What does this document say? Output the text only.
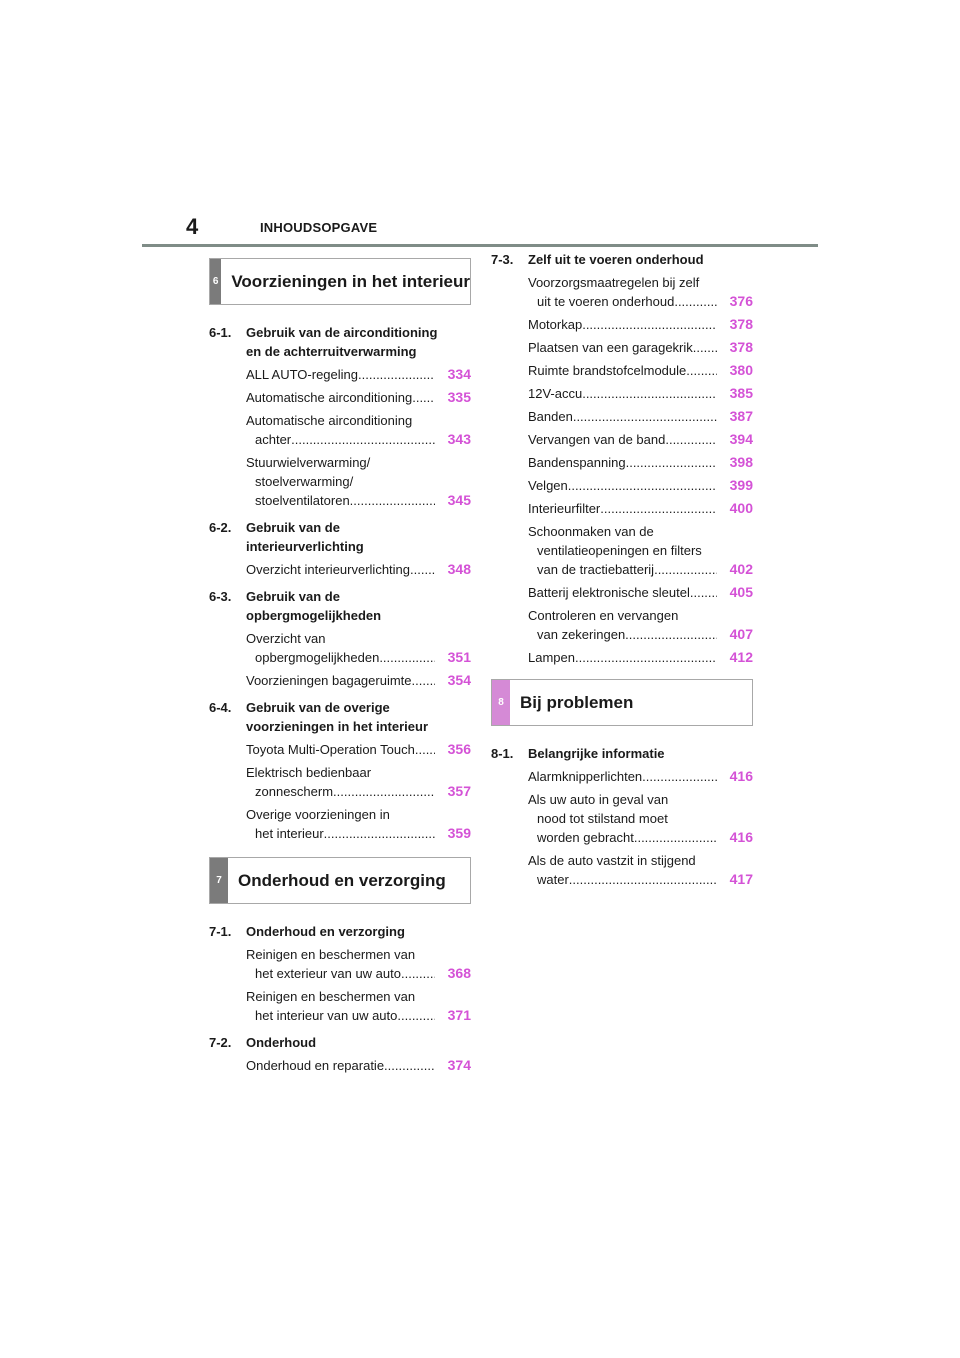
4	INHOUDSOPGAVE
6 Voorzieningen in het interieur
6-1.	Gebruik van de airconditioning
en de achterruitverwarming
ALL AUTO-regeling .....	334
Automatische airconditioning .....	335
Automatische airconditioning
achter .....	343
Stuurwielverwarming/
stoelverwarming/
stoelventilatoren .....	345
6-2.	Gebruik van de
interieurverlichting
Overzicht interieurverlichting .....	348
6-3.	Gebruik van de
opbergmogelijkheden
Overzicht van
opbergmogelijkheden .....	351
Voorzieningen bagageruimte .....	354
6-4.	Gebruik van de overige
voorzieningen in het interieur
Toyota Multi-Operation Touch ..... 356
Elektrisch bedienbaar
zonnescherm .....	357
Overige voorzieningen in
het interieur .....	359
7 Onderhoud en verzorging
7-1.	Onderhoud en verzorging
Reinigen en beschermen van
het exterieur van uw auto .....	368
Reinigen en beschermen van
het interieur van uw auto .....	371
7-2.	Onderhoud
Onderhoud en reparatie .....	374
7-3.	Zelf uit te voeren onderhoud
Voorzorgsmaatregelen bij zelf
uit te voeren onderhoud .....	376
Motorkap .....	378
Plaatsen van een garagekrik .....	378
Ruimte brandstofcelmodule .....	380
12V-accu .....	385
Banden .....	387
Vervangen van de band .....	394
Bandenspanning .....	398
Velgen .....	399
Interieurfilter .....	400
Schoonmaken van de
ventilatieopeningen en filters
van de tractiebatterij .....	402
Batterij elektronische sleutel .....	405
Controleren en vervangen
van zekeringen .....	407
Lampen .....	412
8 Bij problemen
8-1.	Belangrijke informatie
Alarmknipperlichten .....	416
Als uw auto in geval van
nood tot stilstand moet
worden gebracht .....	416
Als de auto vastzit in stijgend
water .....	417
